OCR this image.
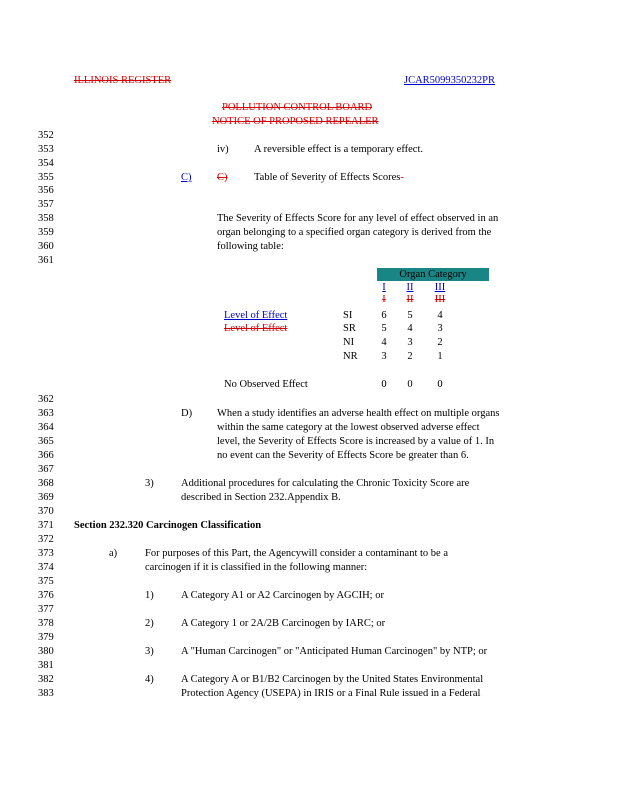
ILLINOIS REGISTER	JCAR5099350232PR
POLLUTION CONTROL BOARD
NOTICE OF PROPOSED REPEALER
352
353
354
355
356
357
358
359
360
361
362
363
364
365
366
367
368
369
370
371
372
373
374
375
376
377
378
379
380
381
382
383
iv) A reversible effect is a temporary effect.
C) C)	Table of Severity of Effects Scores-
The Severity of Effects Score for any level of effect observed in an
organ belonging to a specified organ category is derived from the
following table:
Organ Category
I	II	III
I	II	III
Level of Effect
Level of Effect
SI	6	5	4
SR	5	4	3
NI	4	3	2
NR	3	2	1
No Observed Effect	0	0	0
D) When a study identifies an adverse health effect on multiple organs
within the same category at the lowest observed adverse effect
level, the Severity of Effects Score is increased by a value of 1. In
no event can the Severity of Effects Score be greater than 6.
3)	Additional procedures for calculating the Chronic Toxicity Score are
described in Section 232.Appendix B.
Section 232.320 Carcinogen Classification
a)	For purposes of this Part, the Agencywill consider a contaminant to be a
carcinogen if it is classified in the following manner:
1)	A Category A1 or A2 Carcinogen by AGCIH; or
2)	A Category 1 or 2A/2B Carcinogen by IARC; or
3)	A "Human Carcinogen" or "Anticipated Human Carcinogen" by NTP; or
4)	A Category A or B1/B2 Carcinogen by the United States Environmental
Protection Agency (USEPA) in IRIS or a Final Rule issued in a Federal
